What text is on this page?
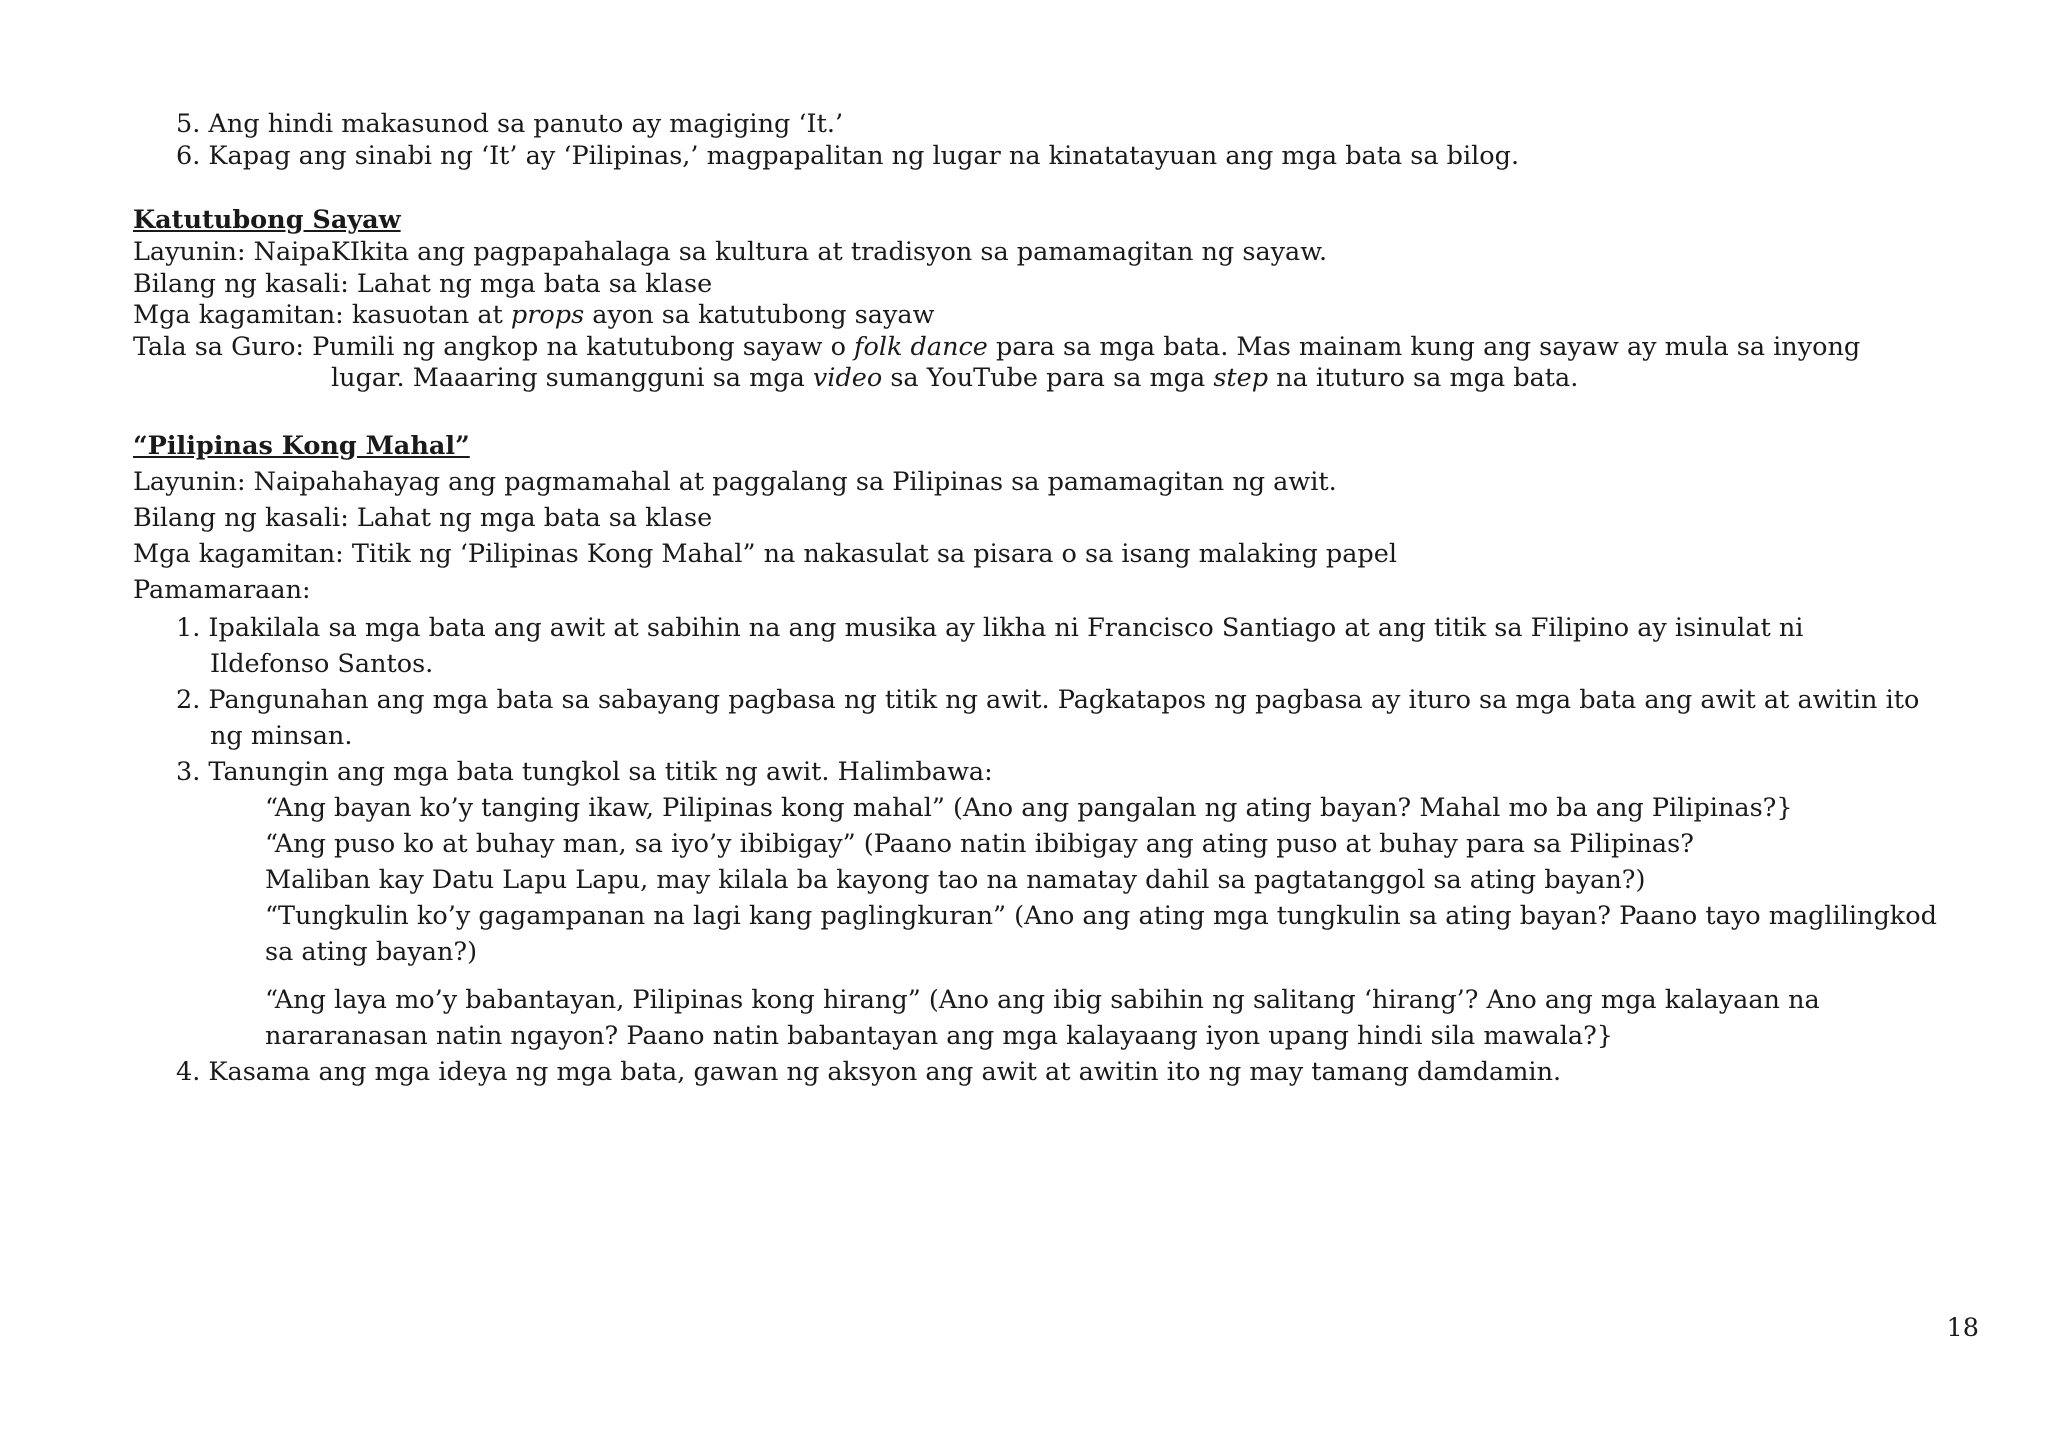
5. Ang hindi makasunod sa panuto ay magiging ‘It.’
6. Kapag ang sinabi ng ‘It’ ay ‘Pilipinas,’ magpapalitan ng lugar na kinatatayuan ang mga bata sa bilog.
Katutubong Sayaw
Layunin: NaipaKIkita ang pagpapahalaga sa kultura at tradisyon sa pamamagitan ng sayaw.
Bilang ng kasali: Lahat ng mga bata sa klase
Mga kagamitan: kasuotan at props ayon sa katutubong sayaw
Tala sa Guro: Pumili ng angkop na katutubong sayaw o folk dance para sa mga bata. Mas mainam kung ang sayaw ay mula sa inyong
lugar. Maaaring sumangguni sa mga video sa YouTube para sa mga step na ituturo sa mga bata.
“Pilipinas Kong Mahal”
Layunin: Naipahahayag ang pagmamahal at paggalang sa Pilipinas sa pamamagitan ng awit.
Bilang ng kasali: Lahat ng mga bata sa klase
Mga kagamitan: Titik ng ‘Pilipinas Kong Mahal” na nakasulat sa pisara o sa isang malaking papel
Pamamaraan:
1. Ipakilala sa mga bata ang awit at sabihin na ang musika ay likha ni Francisco Santiago at ang titik sa Filipino ay isinulat ni
Ildefonso Santos.
2. Pangunahan ang mga bata sa sabayang pagbasa ng titik ng awit. Pagkatapos ng pagbasa ay ituro sa mga bata ang awit at awitin ito
ng minsan.
3. Tanungin ang mga bata tungkol sa titik ng awit. Halimbawa:
“Ang bayan ko’y tanging ikaw, Pilipinas kong mahal” (Ano ang pangalan ng ating bayan? Mahal mo ba ang Pilipinas?}
“Ang puso ko at buhay man, sa iyo’y ibibigay” (Paano natin ibibigay ang ating puso at buhay para sa Pilipinas?
Maliban kay Datu Lapu Lapu, may kilala ba kayong tao na namatay dahil sa pagtatanggol sa ating bayan?)
“Tungkulin ko’y gagampanan na lagi kang paglingkuran” (Ano ang ating mga tungkulin sa ating bayan? Paano tayo maglilingkod
sa ating bayan?)
“Ang laya mo’y babantayan, Pilipinas kong hirang” (Ano ang ibig sabihin ng salitang ‘hirang’? Ano ang mga kalayaan na
nararanasan natin ngayon? Paano natin babantayan ang mga kalayaang iyon upang hindi sila mawala?}
4. Kasama ang mga ideya ng mga bata, gawan ng aksyon ang awit at awitin ito ng may tamang damdamin.
18
